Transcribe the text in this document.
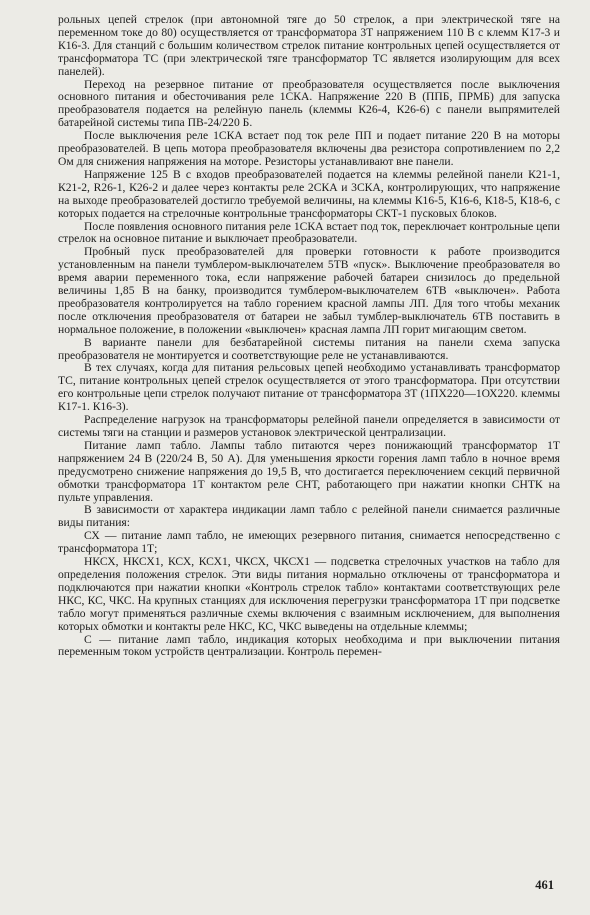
рольных цепей стрелок (при автономной тяге до 50 стрелок, а при электрической тяге на переменном токе до 80) осуществляется от трансформатора 3Т напряжением 110 В с клемм К17-3 и К16-3. Для станций с большим количеством стрелок питание контрольных цепей осуществляется от трансформатора ТС (при электрической тяге трансформатор ТС является изолирующим для всех панелей).

Переход на резервное питание от преобразователя осуществляется после выключения основного питания и обесточивания реле 1СКА. Напряжение 220 В (ППБ, ПРМБ) для запуска преобразователя подается на релейную панель (клеммы К26-4, К26-6) с панели выпрямителей батарейной системы типа ПВ-24/220 Б.

После выключения реле 1СКА встает под ток реле ПП и подает питание 220 В на моторы преобразователей. В цепь мотора преобразователя включены два резистора сопротивлением по 2,2 Ом для снижения напряжения на моторе. Резисторы устанавливают вне панели.

Напряжение 125 В с входов преобразователей подается на клеммы релейной панели К21-1, К21-2, R26-1, К26-2 и далее через контакты реле 2СКА и 3СКА, контролирующих, что напряжение на выходе преобразователей достигло требуемой величины, на клеммы К16-5, К16-6, К18-5, К18-6, с которых подается на стрелочные контрольные трансформаторы СКТ-1 пусковых блоков.

После появления основного питания реле 1СКА встает под ток, переключает контрольные цепи стрелок на основное питание и выключает преобразователи.

Пробный пуск преобразователей для проверки готовности к работе производится установленным на панели тумблером-выключателем 5ТВ «пуск». Выключение преобразователя во время аварии переменного тока, если напряжение рабочей батареи снизилось до предельной величины 1,85 В на банку, производится тумблером-выключателем 6ТВ «выключен». Работа преобразователя контролируется на табло горением красной лампы ЛП. Для того чтобы механик после отключения преобразователя от батареи не забыл тумблер-выключатель 6ТВ поставить в нормальное положение, в положении «выключен» красная лампа ЛП горит мигающим светом.

В варианте панели для безбатарейной системы питания на панели схема запуска преобразователя не монтируется и соответствующие реле не устанавливаются.

В тех случаях, когда для питания рельсовых цепей необходимо устанавливать трансформатор ТС, питание контрольных цепей стрелок осуществляется от этого трансформатора. При отсутствии его контрольные цепи стрелок получают питание от трансформатора 3Т (1ПХ220—1ОХ220. клеммы К17-1. К16-3).

Распределение нагрузок на трансформаторы релейной панели определяется в зависимости от системы тяги на станции и размеров установок электрической централизации.

Питание ламп табло. Лампы табло питаются через понижающий трансформатор 1Т напряжением 24 В (220/24 В, 50 А). Для уменьшения яркости горения ламп табло в ночное время предусмотрено снижение напряжения до 19,5 В, что достигается переключением секций первичной обмотки трансформатора 1Т контактом реле СНТ, работающего при нажатии кнопки СНТК на пульте управления.

В зависимости от характера индикации ламп табло с релейной панели снимается различные виды питания:

СХ — питание ламп табло, не имеющих резервного питания, снимается непосредственно с трансформатора 1Т;

НКСХ, НКСХ1, КСХ, КСХ1, ЧКСХ, ЧКСХ1 — подсветка стрелочных участков на табло для определения положения стрелок. Эти виды питания нормально отключены от трансформатора и подключаются при нажатии кнопки «Контроль стрелок табло» контактами соответствующих реле НКС, КС, ЧКС. На крупных станциях для исключения перегрузки трансформатора 1Т при подсветке табло могут применяться различные схемы включения с взаимным исключением, для выполнения которых обмотки и контакты реле НКС, КС, ЧКС выведены на отдельные клеммы;

С — питание ламп табло, индикация которых необходима и при выключении питания переменным током устройств централизации. Контроль перемен-

461
